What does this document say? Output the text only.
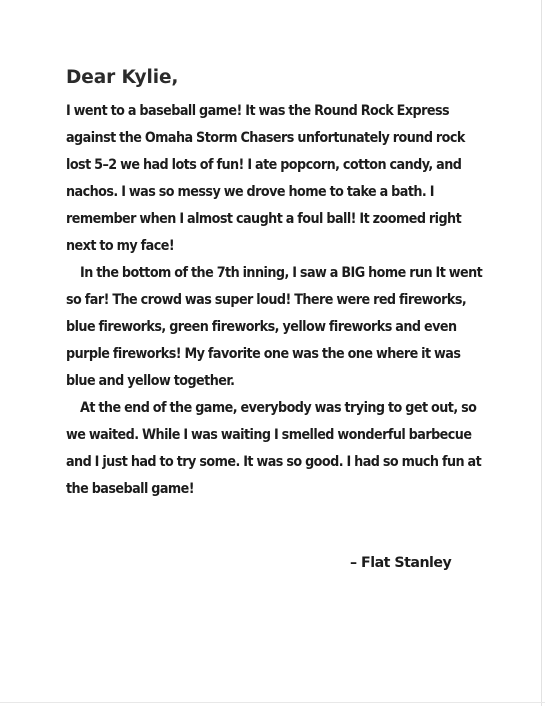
Dear Kylie,

I went to a baseball game! It was the Round Rock Express against the Omaha Storm Chasers unfortunately round rock lost 5–2 we had lots of fun! I ate popcorn, cotton candy, and nachos. I was so messy we drove home to take a bath. I remember when I almost caught a foul ball! It zoomed right next to my face!

In the bottom of the 7th inning, I saw a BIG home run It went so far! The crowd was super loud! There were red fireworks, blue fireworks, green fireworks, yellow fireworks and even purple fireworks! My favorite one was the one where it was blue and yellow together.

At the end of the game, everybody was trying to get out, so we waited. While I was waiting I smelled wonderful barbecue and I just had to try some. It was so good. I had so much fun at the baseball game!

– Flat Stanley
